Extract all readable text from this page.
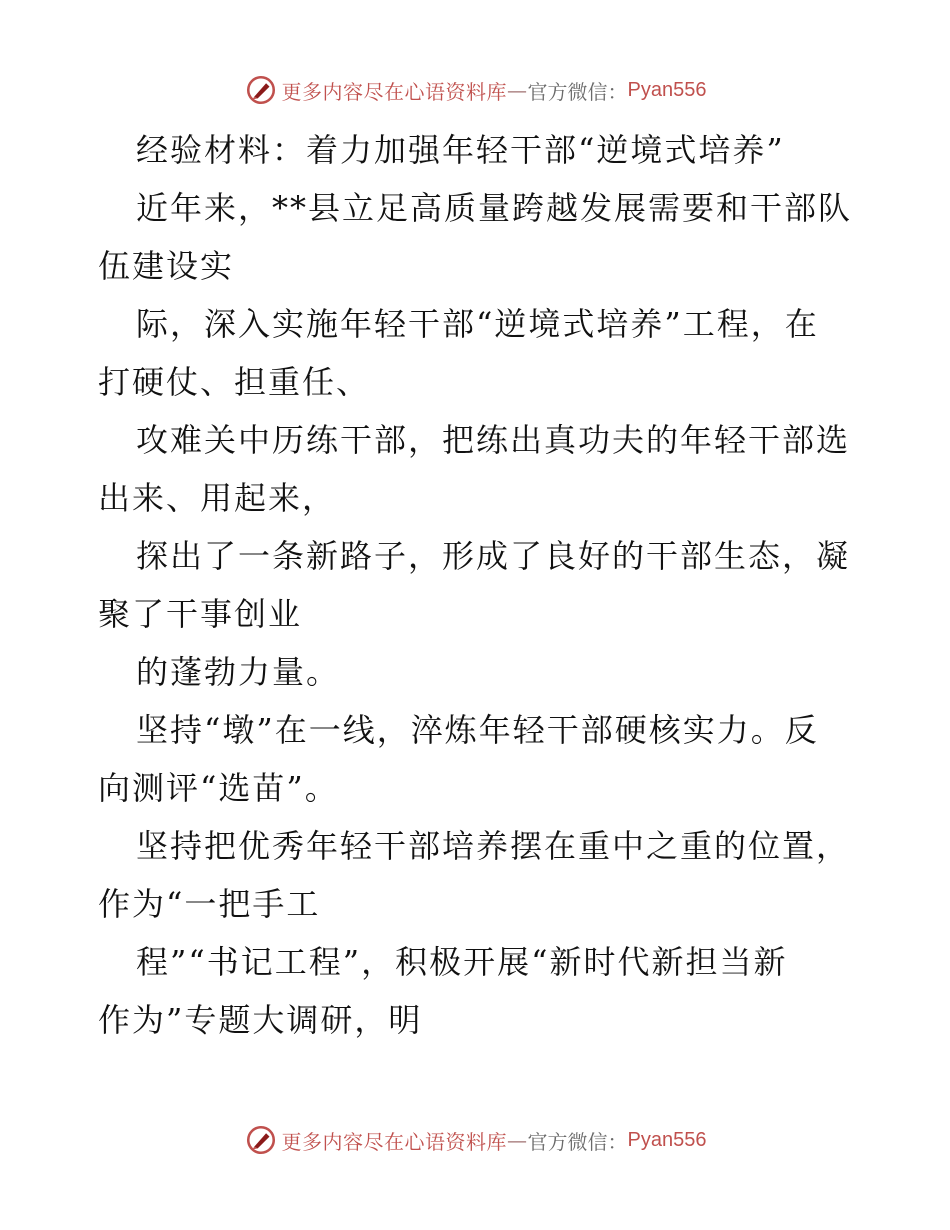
更多内容尽在心语资料库 — 官方微信： Pyan556
经验材料：着力加强年轻干部“逆境式培养”
近年来，**县立足高质量跨越发展需要和干部队
伍建设实
际，深入实施年轻干部“逆境式培养”工程，在
打硬仗、担重任、
攻难关中历练干部，把练出真功夫的年轻干部选
出来、用起来，
探出了一条新路子，形成了良好的干部生态，凝
聚了干事创业
的蓬勃力量。
坚持“墩”在一线，淬炼年轻干部硬核实力。反
向测评“选苗”。
坚持把优秀年轻干部培养摆在重中之重的位置，
作为“一把手工
程”“书记工程”，积极开展“新时代新担当新
作为”专题大调研，明
更多内容尽在心语资料库 — 官方微信： Pyan556
